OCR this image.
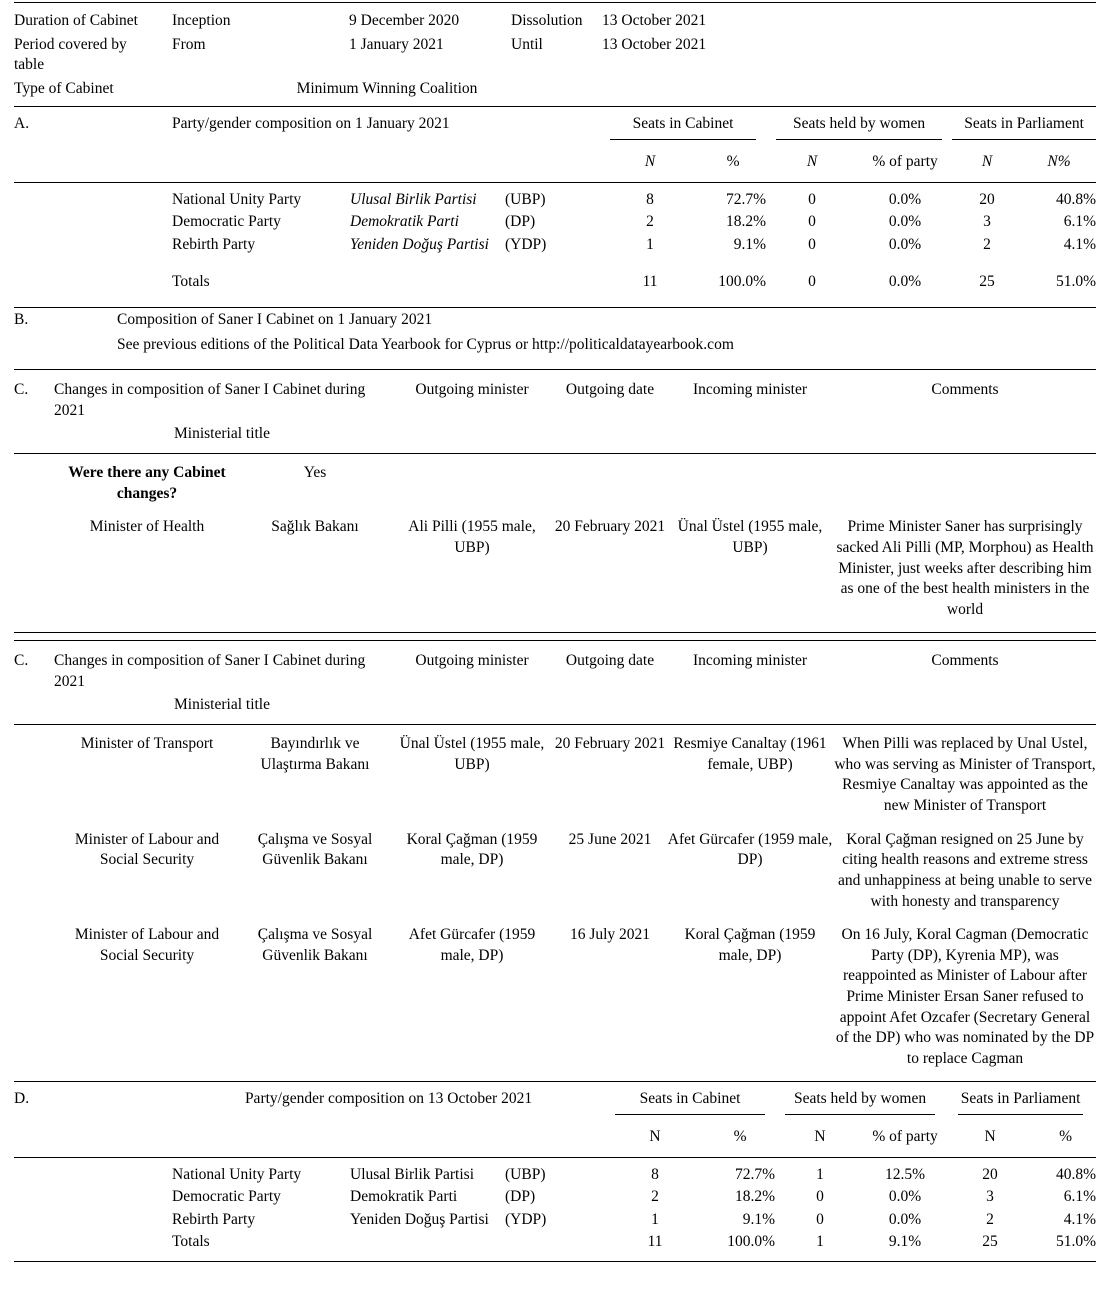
Duration of Cabinet	Inception	9 December 2020	Dissolution	13 October 2021
Period covered by table	From	1 January 2021	Until	13 October 2021
Type of Cabinet	Minimum Winning Coalition			
A.	Party/gender composition on 1 January 2021			Seats in Cabinet		Seats held by women		Seats in Parliament	

				N	%	N	% of party	N	N%
	National Unity Party	Ulusal Birlik Partisi	(UBP)	8	72.7%	0	0.0%	20	40.8%
	Democratic Party	Demokratik Parti	(DP)	2	18.2%	0	0.0%	3	6.1%
	Rebirth Party	Yeniden Doğuş Partisi	(YDP)	1	9.1%	0	0.0%	2	4.1%
	Totals			11	100.0%	0	0.0%	25	51.0%
B.	Composition of Saner I Cabinet on 1 January 2021
	See previous editions of the Political Data Yearbook for Cyprus or http://politicaldatayearbook.com
C.	Changes in composition of Saner I Cabinet during 2021		Outgoing minister	Outgoing date	Incoming minister	Comments
	Ministerial title					
	Were there any Cabinet changes?	Yes				
	Minister of Health	Sağlık Bakanı	Ali Pilli (1955 male, UBP)	20 February 2021	Ünal Üstel (1955 male, UBP)	Prime Minister Saner has surprisingly sacked Ali Pilli (MP, Morphou) as Health Minister, just weeks after describing him as one of the best health ministers in the world
C.	Changes in composition of Saner I Cabinet during 2021		Outgoing minister	Outgoing date	Incoming minister	Comments
	Ministerial title					
	Minister of Transport	Bayındırlık ve Ulaştırma Bakanı	Ünal Üstel (1955 male, UBP)	20 February 2021	Resmiye Canaltay (1961 female, UBP)	When Pilli was replaced by Unal Ustel, who was serving as Minister of Transport, Resmiye Canaltay was appointed as the new Minister of Transport
	Minister of Labour and Social Security	Çalışma ve Sosyal Güvenlik Bakanı	Koral Çağman (1959 male, DP)	25 June 2021	Afet Gürcafer (1959 male, DP)	Koral Çağman resigned on 25 June by citing health reasons and extreme stress and unhappiness at being unable to serve with honesty and transparency
	Minister of Labour and Social Security	Çalışma ve Sosyal Güvenlik Bakanı	Afet Gürcafer (1959 male, DP)	16 July 2021	Koral Çağman (1959 male, DP)	On 16 July, Koral Cagman (Democratic Party (DP), Kyrenia MP), was reappointed as Minister of Labour after Prime Minister Ersan Saner refused to appoint Afet Ozcafer (Secretary General of the DP) who was nominated by the DP to replace Cagman
D.	Party/gender composition on 13 October 2021			Seats in Cabinet		Seats held by women		Seats in Parliament	

				N	%	N	% of party	N	%
	National Unity Party	Ulusal Birlik Partisi	(UBP)	8	72.7%	1	12.5%	20	40.8%
	Democratic Party	Demokratik Parti	(DP)	2	18.2%	0	0.0%	3	6.1%
	Rebirth Party	Yeniden Doğuş Partisi	(YDP)	1	9.1%	0	0.0%	2	4.1%
	Totals			11	100.0%	1	9.1%	25	51.0%
